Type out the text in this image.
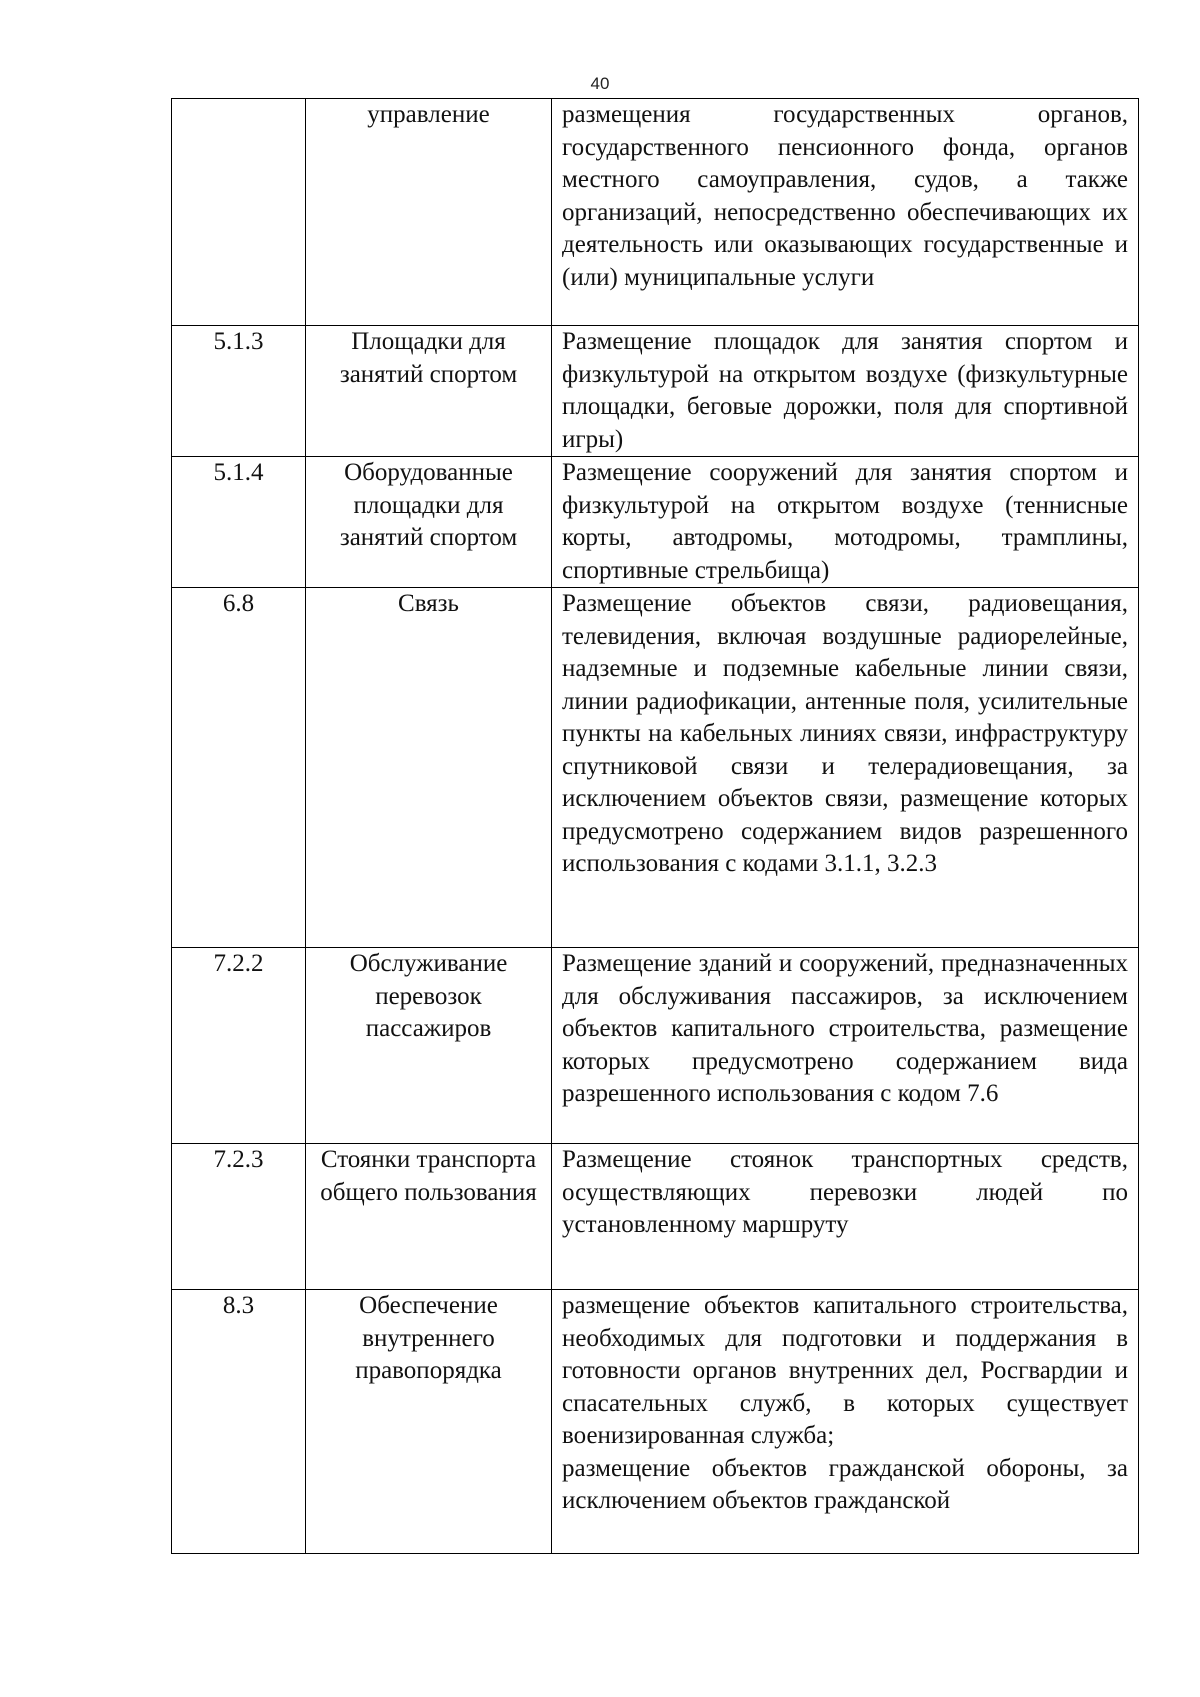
40
	управление	размещения государственных органов, государственного пенсионного фонда, органов местного самоуправления, судов, а также организаций, непосредственно обеспечивающих их деятельность или оказывающих государственные и (или) муниципальные услуги

5.1.3	Площадки для занятий спортом	Размещение площадок для занятия спортом и физкультурой на открытом воздухе (физкультурные площадки, беговые дорожки, поля для спортивной игры)

5.1.4	Оборудованные площадки для занятий спортом	Размещение сооружений для занятия спортом и физкультурой на открытом воздухе (теннисные корты, автодромы, мотодромы, трамплины, спортивные стрельбища)

6.8	Связь	Размещение объектов связи, радиовещания, телевидения, включая воздушные радиорелейные, надземные и подземные кабельные линии связи, линии радиофикации, антенные поля, усилительные пункты на кабельных линиях связи, инфраструктуру спутниковой связи и телерадиовещания, за исключением объектов связи, размещение которых предусмотрено содержанием видов разрешенного использования с кодами 3.1.1, 3.2.3

7.2.2	Обслуживание перевозок пассажиров	Размещение зданий и сооружений, предназначенных для обслуживания пассажиров, за исключением объектов капитального строительства, размещение которых предусмотрено содержанием вида разрешенного использования с кодом 7.6

7.2.3	Стоянки транспорта общего пользования	Размещение стоянок транспортных средств, осуществляющих перевозки людей по установленному маршруту

8.3	Обеспечение внутреннего правопорядка	размещение объектов капитального строительства, необходимых для подготовки и поддержания в готовности органов внутренних дел, Росгвардии и спасательных служб, в которых существует военизированная служба;
размещение объектов гражданской обороны, за исключением объектов гражданской
